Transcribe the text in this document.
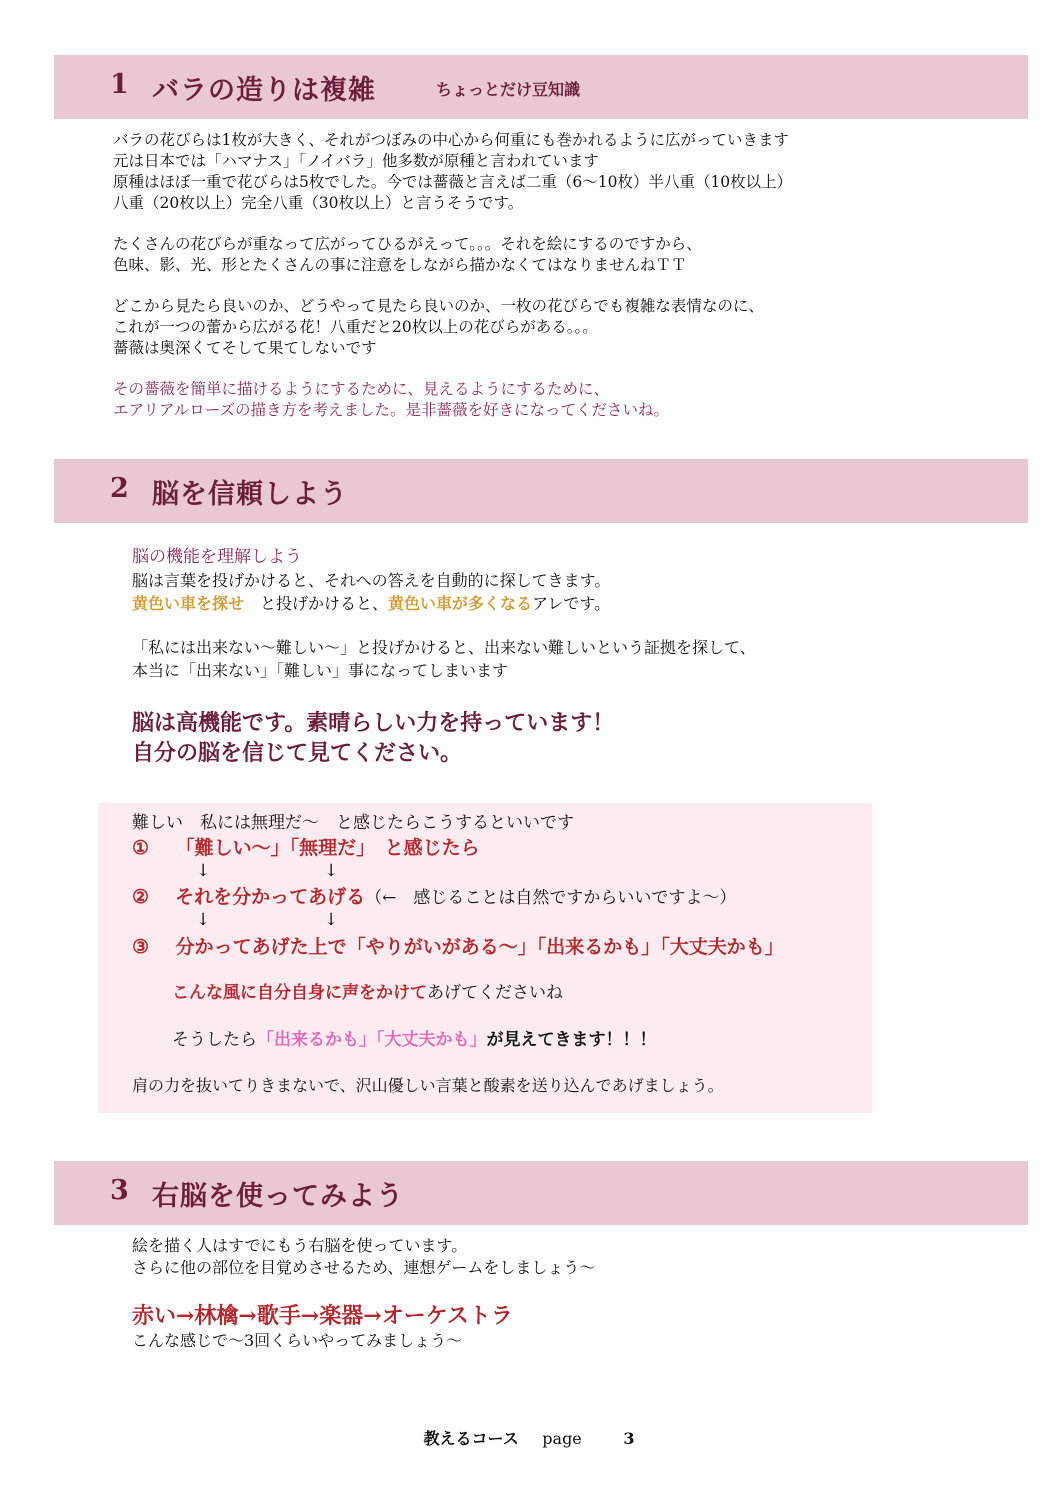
1 バラの造りは複雑	ちょっとだけ豆知識
バラの花びらは1枚が大きく、それがつぼみの中心から何重にも巻かれるように広がっていきます
元は日本では「ハマナス」「ノイバラ」他多数が原種と言われています
原種はほぼ一重で花びらは5枚でした。今では薔薇と言えば二重（6～10枚）半八重（10枚以上）
八重（20枚以上）完全八重（30枚以上）と言うそうです。
たくさんの花びらが重なって広がってひるがえって。。。それを絵にするのですから、
色味、影、光、形とたくさんの事に注意をしながら描かなくてはなりませんねＴＴ
どこから見たら良いのか、どうやって見たら良いのか、一枚の花びらでも複雑な表情なのに、
これが一つの蕾から広がる花！八重だと20枚以上の花びらがある。。。
薔薇は奥深くてそして果てしないです
その薔薇を簡単に描けるようにするために、見えるようにするために、
エアリアルローズの描き方を考えました。是非薔薇を好きになってくださいね。
2 脳を信頼しよう
脳の機能を理解しよう
脳は言葉を投げかけると、それへの答えを自動的に探してきます。
黄色い車を探せ　と投げかけると、黄色い車が多くなるアレです。
「私には出来ない～難しい～」と投げかけると、出来ない難しいという証拠を探して、
本当に「出来ない」「難しい」事になってしまいます
脳は高機能です。素晴らしい力を持っています！
自分の脳を信じて見てください。
難しい　私には無理だ～　と感じたらこうするといいです
① 「難しい～」「無理だ」　と感じたら
↓	↓
② それを分かってあげる（←　感じることは自然ですからいいですよ～）
↓	↓
③ 分かってあげた上で「やりがいがある～」「出来るかも」「大丈夫かも」
こんな風に自分自身に声をかけてあげてくださいね
そうしたら「出来るかも」「大丈夫かも」が見えてきます！！！
肩の力を抜いてりきまないで、沢山優しい言葉と酸素を送り込んであげましょう。
3 右脳を使ってみよう
絵を描く人はすでにもう右脳を使っています。
さらに他の部位を目覚めさせるため、連想ゲームをしましょう～
赤い→林檎→歌手→楽器→オーケストラ
こんな感じで～3回くらいやってみましょう～
教えるコース page	3
